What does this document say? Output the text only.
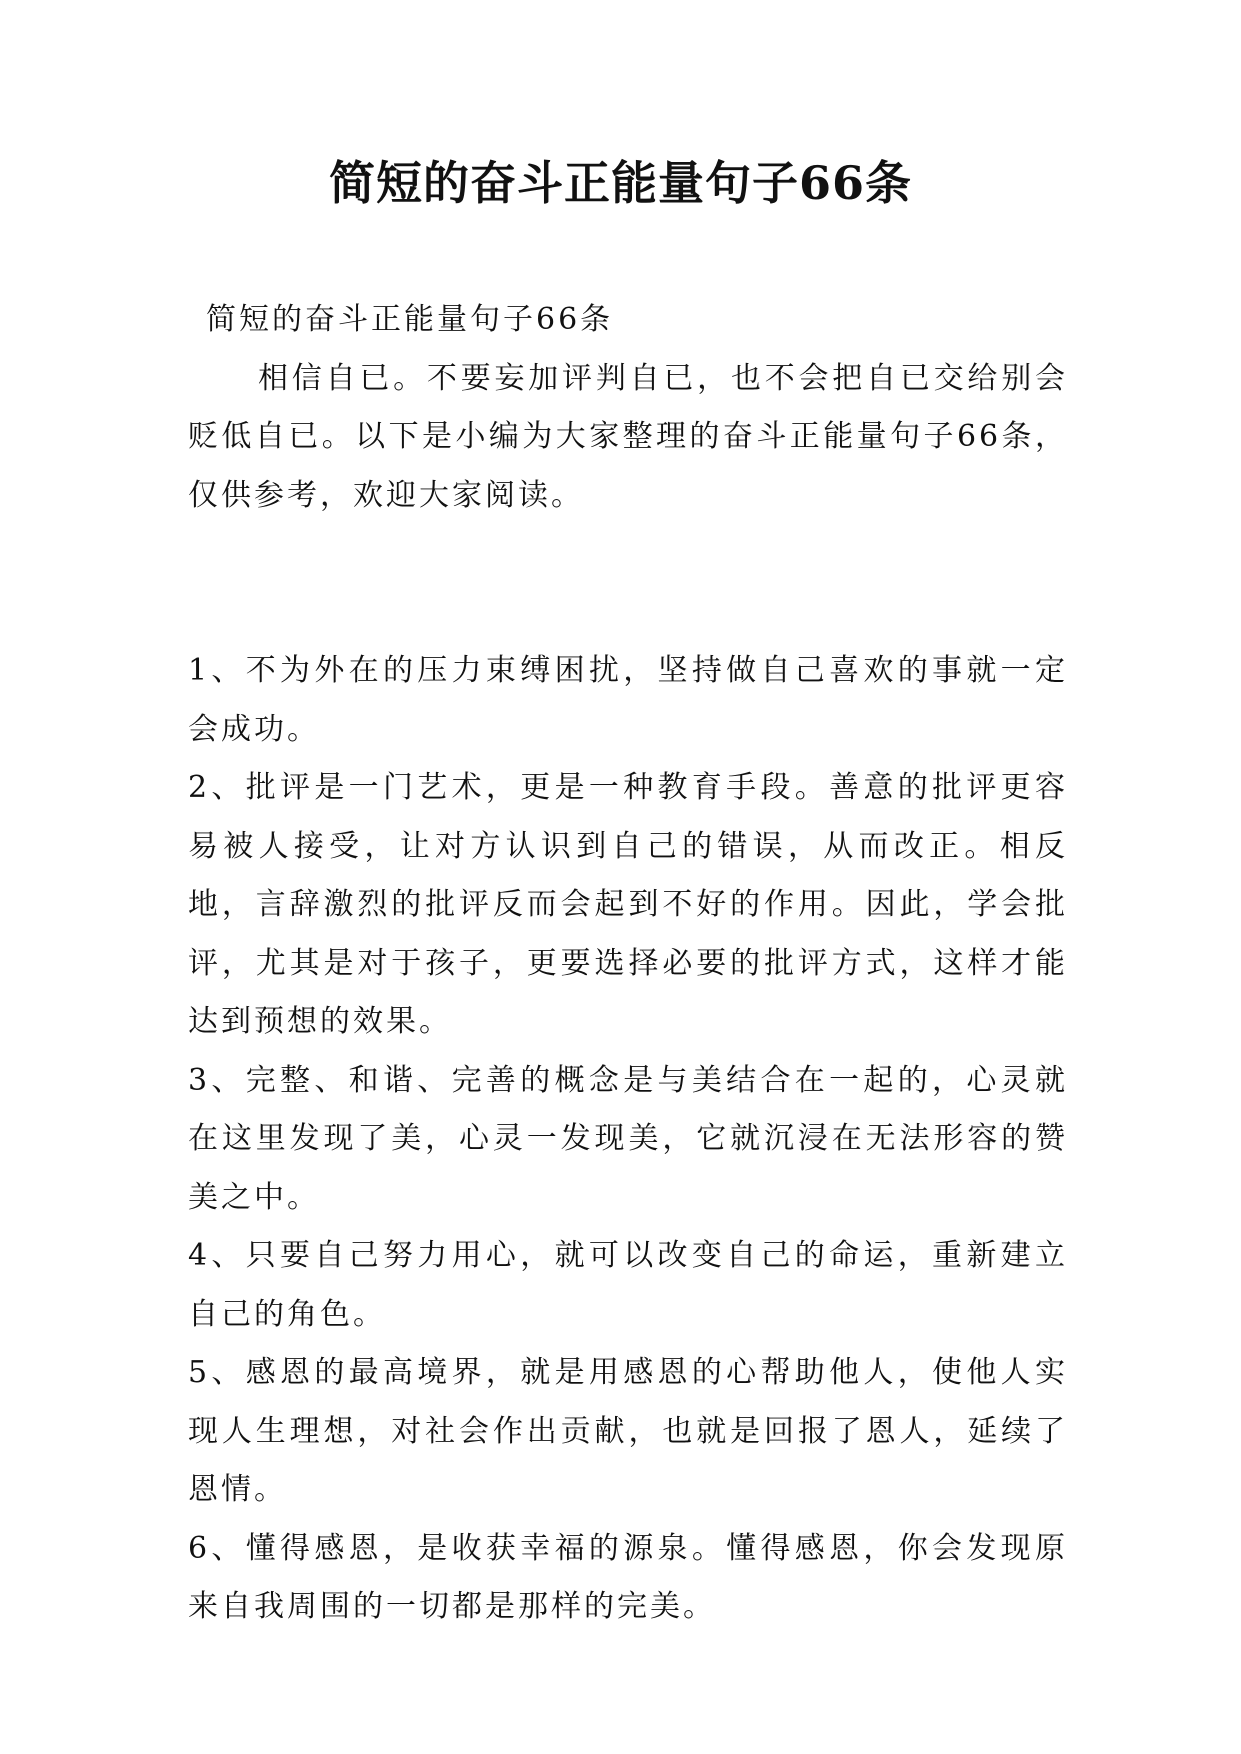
简短的奋斗正能量句子66条

简短的奋斗正能量句子66条

相信自已。不要妄加评判自已，也不会把自已交给别会贬低自已。以下是小编为大家整理的奋斗正能量句子66条，仅供参考，欢迎大家阅读。

1、不为外在的压力束缚困扰，坚持做自己喜欢的事就一定会成功。

2、批评是一门艺术，更是一种教育手段。善意的批评更容易被人接受，让对方认识到自己的错误，从而改正。相反地，言辞激烈的批评反而会起到不好的作用。因此，学会批评，尤其是对于孩子，更要选择必要的批评方式，这样才能达到预想的效果。

3、完整、和谐、完善的概念是与美结合在一起的，心灵就在这里发现了美，心灵一发现美，它就沉浸在无法形容的赞美之中。

4、只要自己努力用心，就可以改变自己的命运，重新建立自己的角色。

5、感恩的最高境界，就是用感恩的心帮助他人，使他人实现人生理想，对社会作出贡献，也就是回报了恩人，延续了恩情。

6、懂得感恩，是收获幸福的源泉。懂得感恩，你会发现原来自我周围的一切都是那样的完美。
